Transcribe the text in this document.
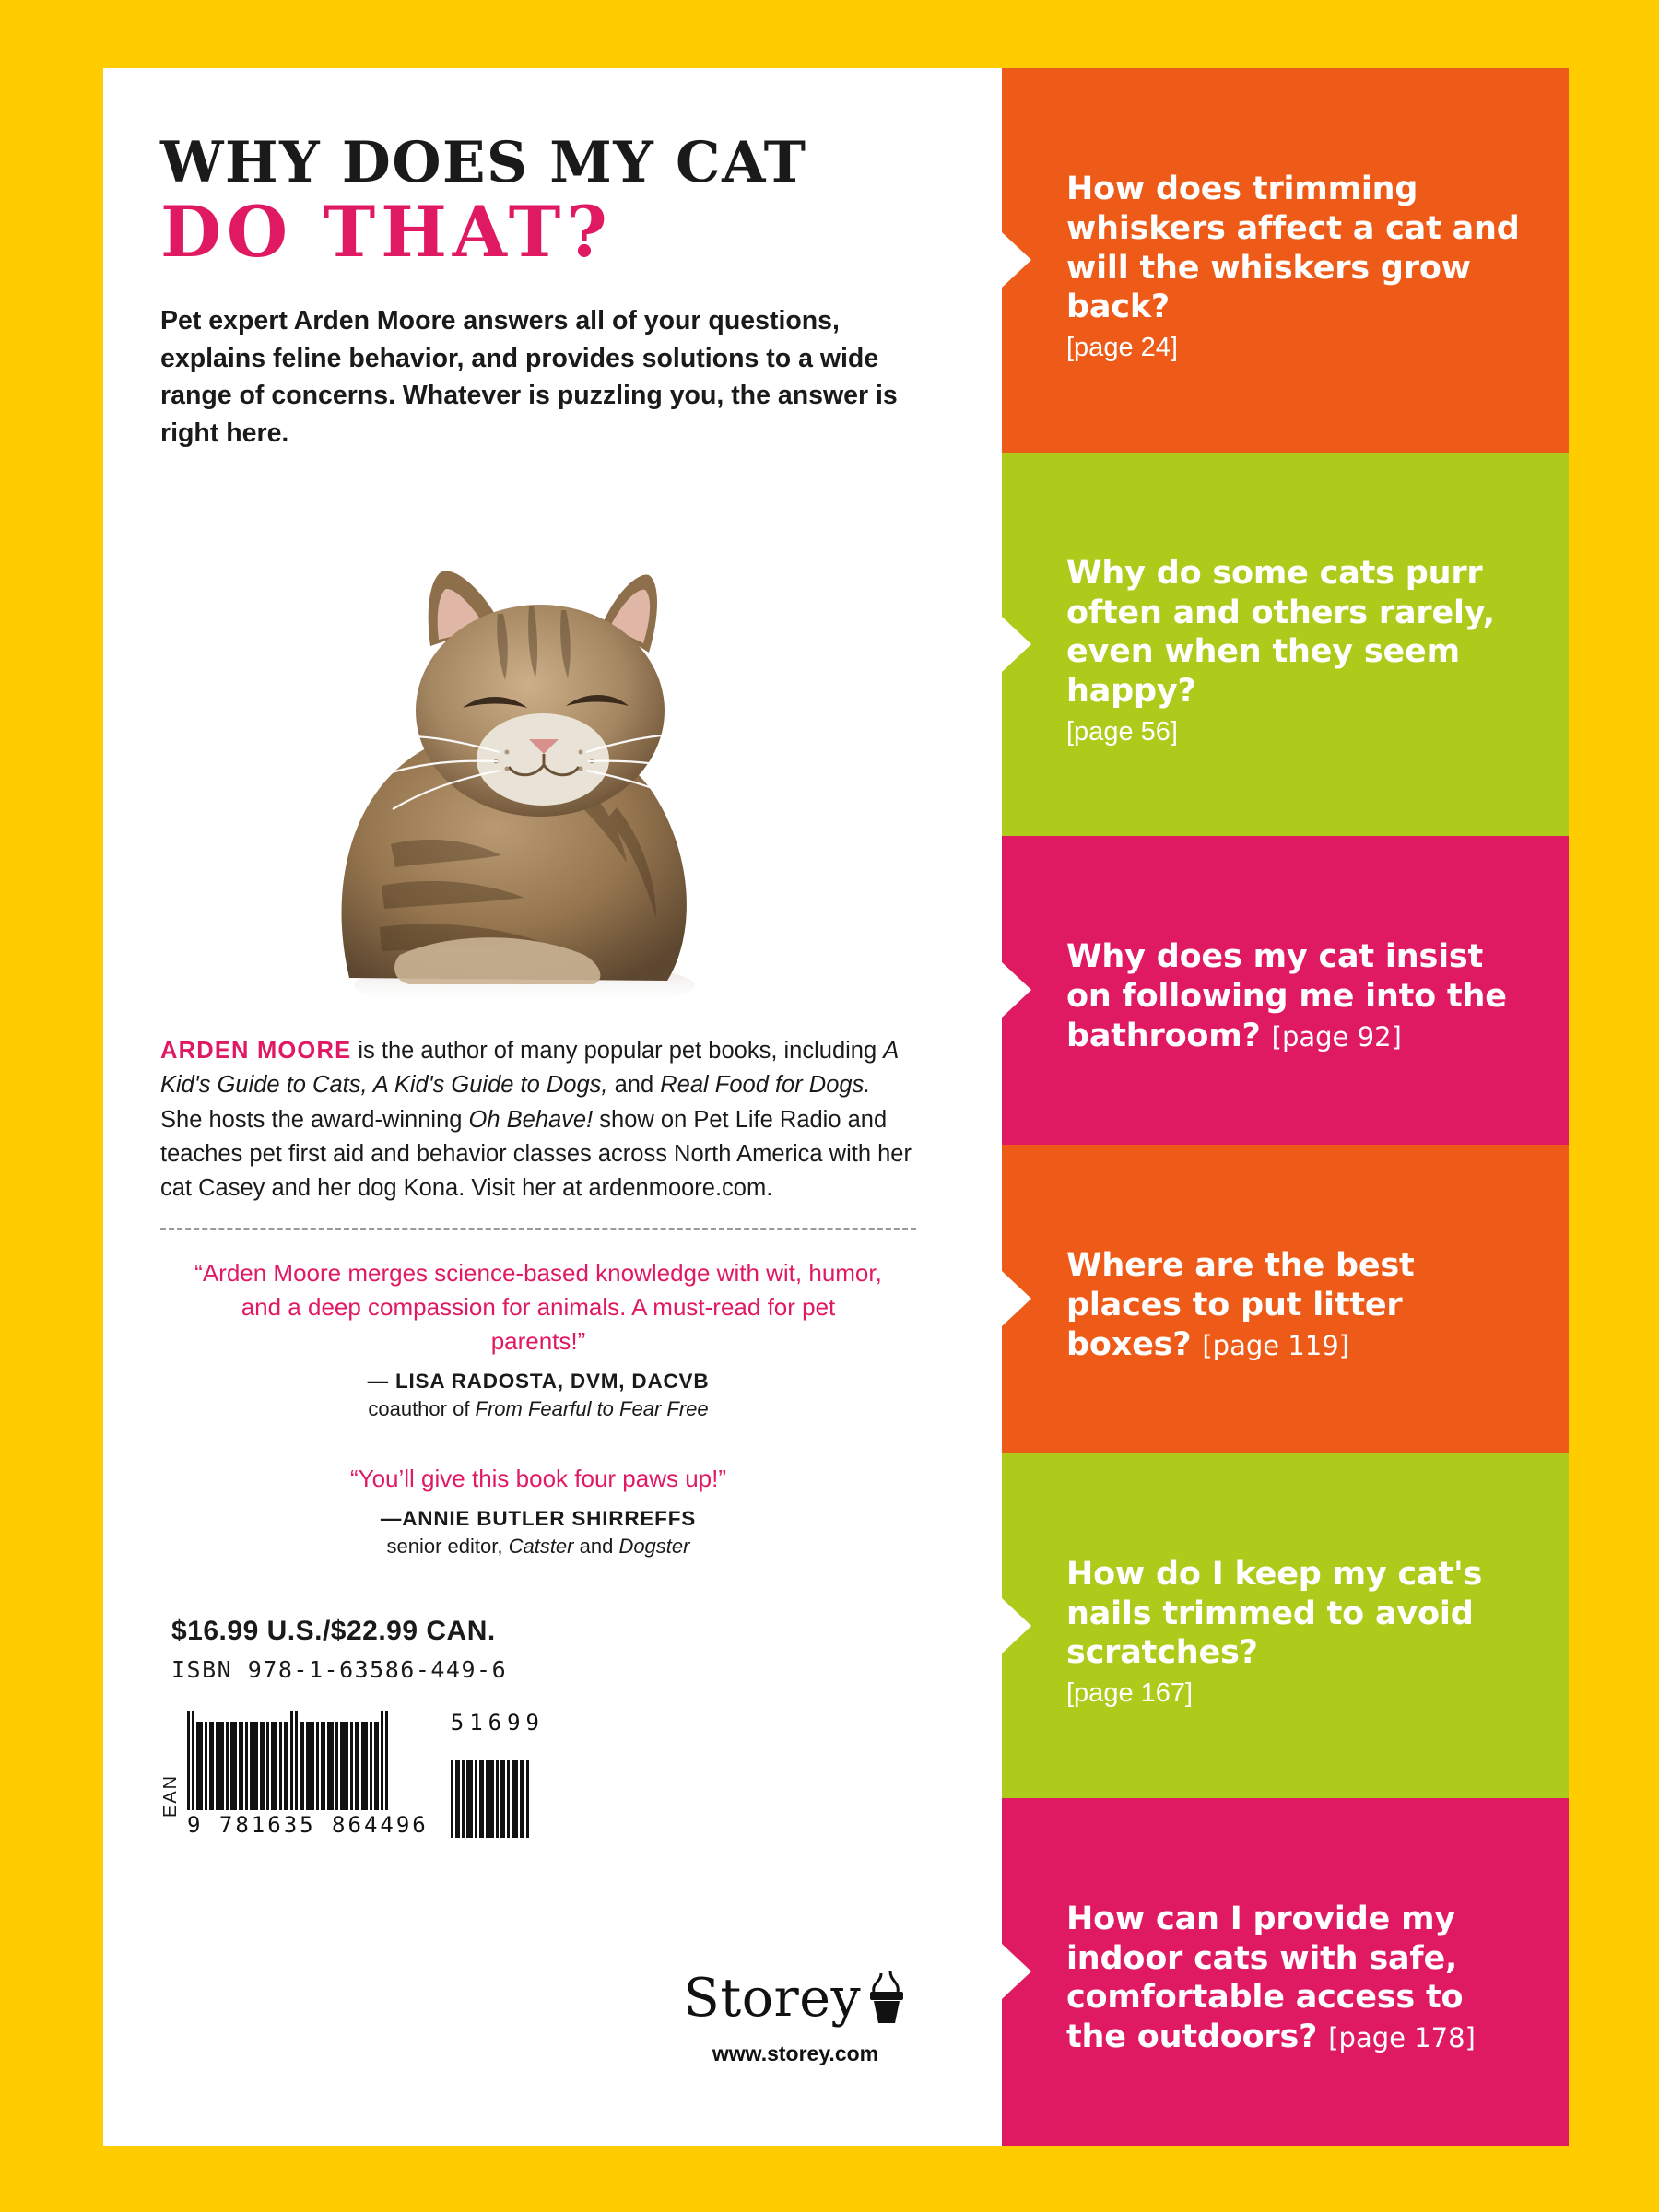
WHY DOES MY CAT
DO THAT?
Pet expert Arden Moore answers all of your questions, explains feline behavior, and provides solutions to a wide range of concerns. Whatever is puzzling you, the answer is right here.
ARDEN MOORE is the author of many popular pet books, including A Kid's Guide to Cats, A Kid's Guide to Dogs, and Real Food for Dogs. She hosts the award-winning Oh Behave! show on Pet Life Radio and teaches pet first aid and behavior classes across North America with her cat Casey and her dog Kona. Visit her at ardenmoore.com.
“Arden Moore merges science-based knowledge with wit, humor, and a deep compassion for animals. A must-read for pet parents!”
— LISA RADOSTA, DVM, DACVB
coauthor of From Fearful to Fear Free
“You’ll give this book four paws up!”
—ANNIE BUTLER SHIRREFFS
senior editor, Catster and Dogster
$16.99 U.S./$22.99 CAN.
ISBN 978-1-63586-449-6
EAN
9 781635 864496
51699
Storey
www.storey.com
How does trimming whiskers affect a cat and will the whiskers grow back?
[page 24]
Why do some cats purr often and others rarely, even when they seem happy?
[page 56]
Why does my cat insist on following me into the bathroom? [page 92]
Where are the best places to put litter boxes? [page 119]
How do I keep my cat's nails trimmed to avoid scratches?
[page 167]
How can I provide my indoor cats with safe, comfortable access to the outdoors? [page 178]
